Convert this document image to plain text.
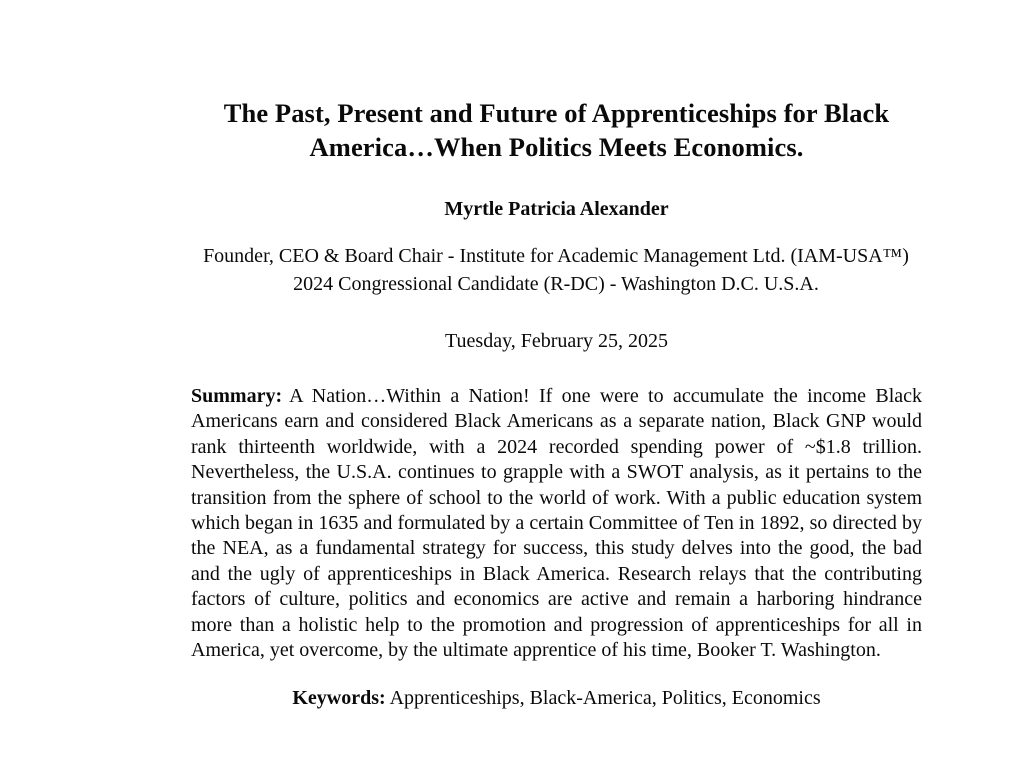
The Past, Present and Future of Apprenticeships for Black America…When Politics Meets Economics.
Myrtle Patricia Alexander
Founder, CEO & Board Chair - Institute for Academic Management Ltd. (IAM-USA™)
2024 Congressional Candidate (R-DC) - Washington D.C. U.S.A.
Tuesday, February 25, 2025
Summary: A Nation…Within a Nation! If one were to accumulate the income Black Americans earn and considered Black Americans as a separate nation, Black GNP would rank thirteenth worldwide, with a 2024 recorded spending power of ~$1.8 trillion. Nevertheless, the U.S.A. continues to grapple with a SWOT analysis, as it pertains to the transition from the sphere of school to the world of work. With a public education system which began in 1635 and formulated by a certain Committee of Ten in 1892, so directed by the NEA, as a fundamental strategy for success, this study delves into the good, the bad and the ugly of apprenticeships in Black America. Research relays that the contributing factors of culture, politics and economics are active and remain a harboring hindrance more than a holistic help to the promotion and progression of apprenticeships for all in America, yet overcome, by the ultimate apprentice of his time, Booker T. Washington.
Keywords: Apprenticeships, Black-America, Politics, Economics
